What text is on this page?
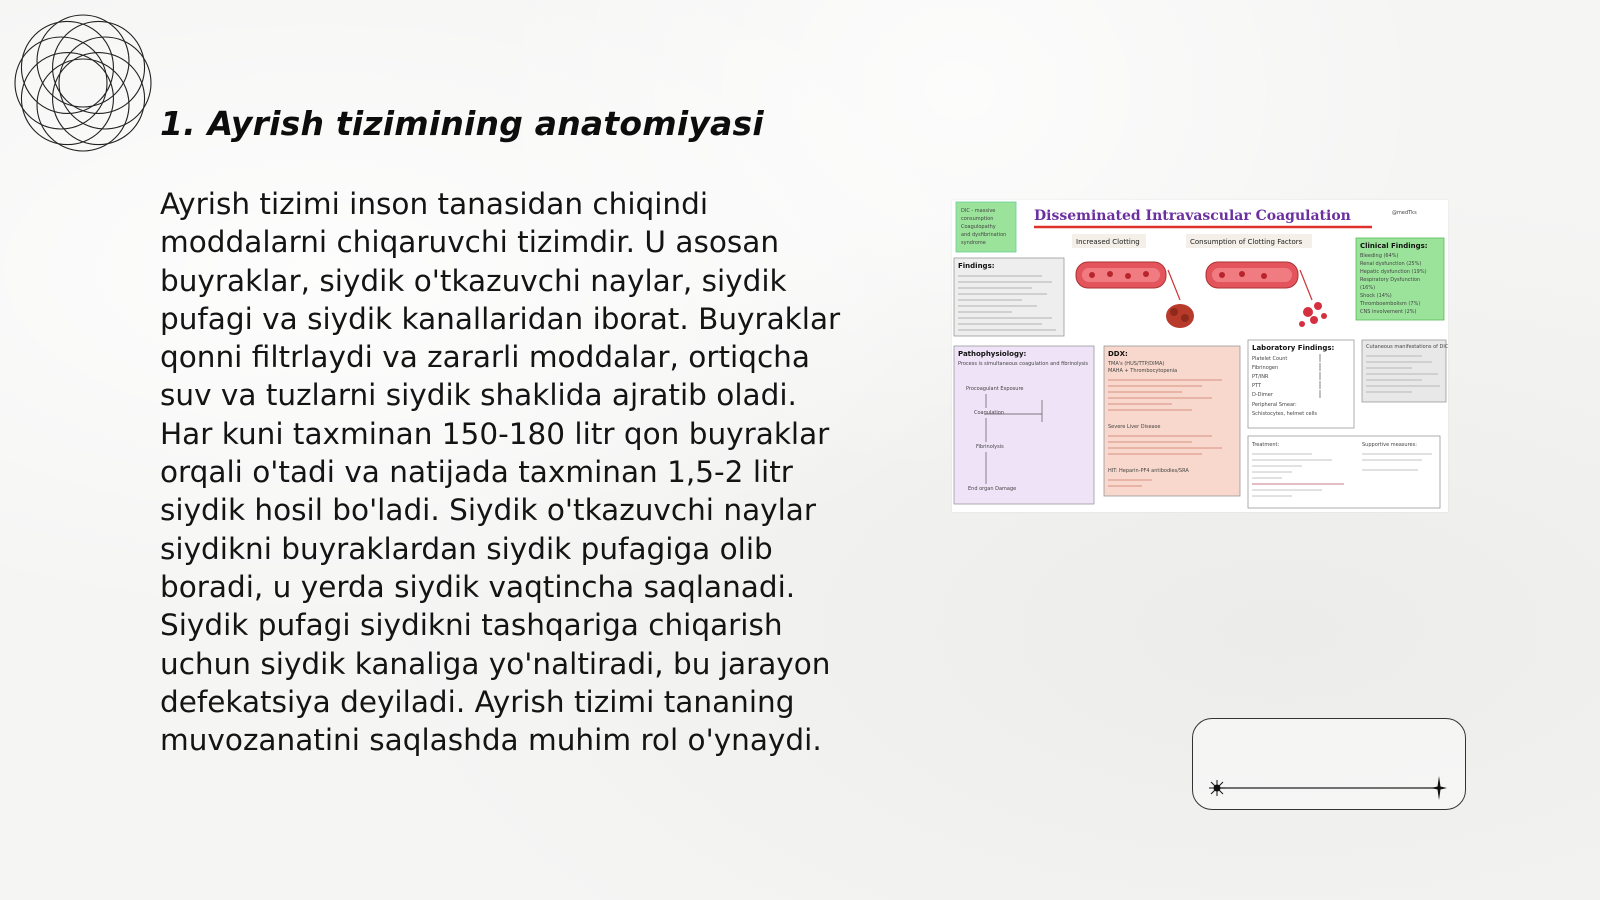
1. Ayrish tizimining anatomiyasi

Ayrish tizimi inson tanasidan chiqindi moddalarni chiqaruvchi tizimdir. U asosan buyraklar, siydik o'tkazuvchi naylar, siydik pufagi va siydik kanallaridan iborat. Buyraklar qonni filtrlaydi va zararli moddalar, ortiqcha suv va tuzlarni siydik shaklida ajratib oladi. Har kuni taxminan 150-180 litr qon buyraklar orqali o'tadi va natijada taxminan 1,5-2 litr siydik hosil bo'ladi. Siydik o'tkazuvchi naylar siydikni buyraklardan siydik pufagiga olib boradi, u yerda siydik vaqtincha saqlanadi. Siydik pufagi siydikni tashqariga chiqarish uchun siydik kanaliga yo'naltiradi, bu jarayon defekatsiya deyiladi. Ayrish tizimi tananing muvozanatini saqlashda muhim rol o'ynaydi.

Disseminated Intravascular Coagulation	@medTks
DIC - massive
consumption
Coagulopathy
and dysfibrination
syndrome
Findings:
Increased Clotting	Consumption of Clotting Factors	Clinical Findings:
Bleeding (64%)
Renal dysfunction (25%)
Hepatic dysfunction (19%)
Respiratory Dysfunction
(16%)
Shock (14%)
Thromboembolism (7%)
CNS involvement (2%)
Pathophysiology:
Process is simultaneous coagulation and fibrinolysis
Procoagulant Exposure
Coagulation
Fibrinolysis
End organ Damage
DDX:
TMA's (HUS/TTP/DIMA)
MAHA + Thrombocytopenia
Severe Liver Disease
HIT: Heparin-PF4 antibodies/SRA
Laboratory Findings:
Platelet Count
Fibrinogen
PT/INR
PTT
D-Dimer
Peripheral Smear:
Schistocytes, helmet cells
Cutaneous manifestations of DIC
Treatment:	Supportive measures:
